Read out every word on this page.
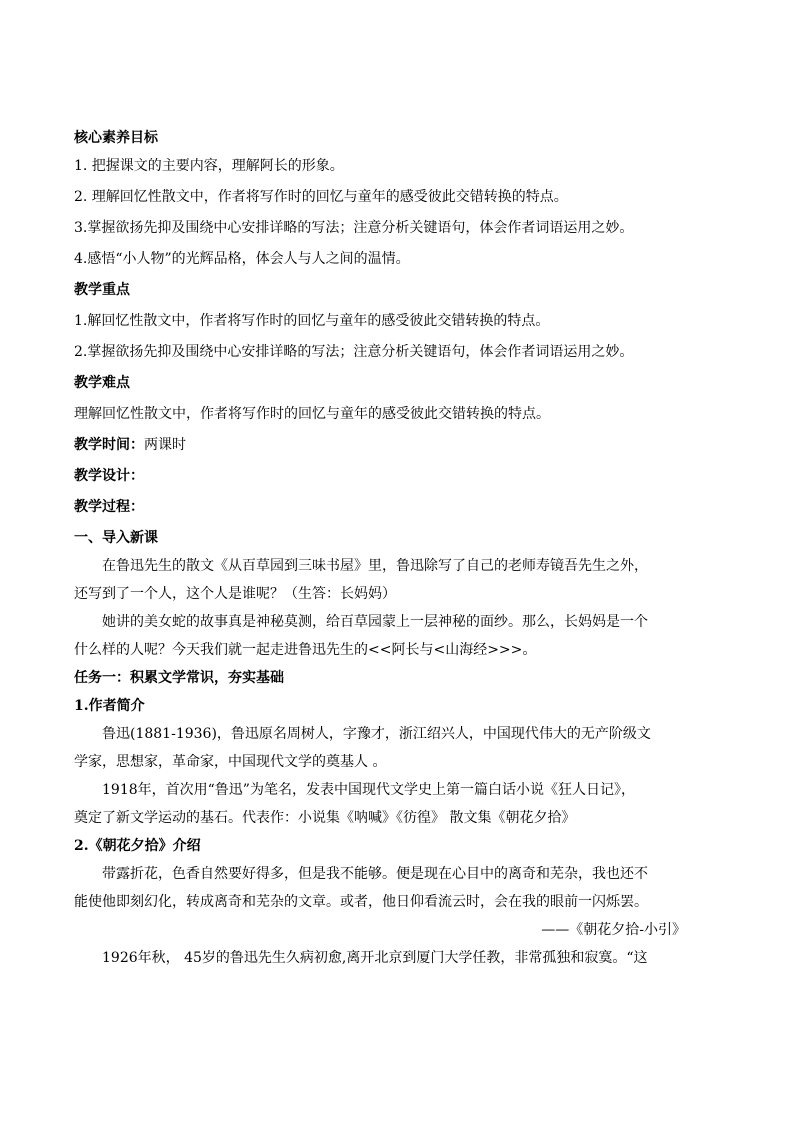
核心素养目标
1. 把握课文的主要内容，理解阿长的形象。
2. 理解回忆性散文中，作者将写作时的回忆与童年的感受彼此交错转换的特点。
3.掌握欲扬先抑及围绕中心安排详略的写法；注意分析关键语句，体会作者词语运用之妙。
4.感悟“小人物”的光辉品格，体会人与人之间的温情。
教学重点
1.解回忆性散文中，作者将写作时的回忆与童年的感受彼此交错转换的特点。
2.掌握欲扬先抑及围绕中心安排详略的写法；注意分析关键语句，体会作者词语运用之妙。
教学难点
理解回忆性散文中，作者将写作时的回忆与童年的感受彼此交错转换的特点。
教学时间：两课时
教学设计：
教学过程：
一、导入新课
在鲁迅先生的散文《从百草园到三味书屋》里，鲁迅除写了自己的老师寿镜吾先生之外，
还写到了一个人，这个人是谁呢？（生答：长妈妈）
她讲的美女蛇的故事真是神秘莫测，给百草园蒙上一层神秘的面纱。那么，长妈妈是一个
什么样的人呢？今天我们就一起走进鲁迅先生的<<阿长与<山海经>>>。
任务一：积累文学常识，夯实基础
1.作者简介
鲁迅(1881-1936)，鲁迅原名周树人，字豫才，浙江绍兴人，中国现代伟大的无产阶级文
学家，思想家，革命家，中国现代文学的奠基人 。
1918年，首次用“鲁迅”为笔名，发表中国现代文学史上第一篇白话小说《狂人日记》，
奠定了新文学运动的基石。代表作：小说集《呐喊》《彷徨》 散文集《朝花夕拾》
2.《朝花夕拾》介绍
带露折花，色香自然要好得多，但是我不能够。便是现在心目中的离奇和芜杂，我也还不
能使他即刻幻化，转成离奇和芜杂的文章。或者，他日仰看流云时，会在我的眼前一闪烁罢。
——《朝花夕拾-小引》
1926年秋， 45岁的鲁迅先生久病初愈,离开北京到厦门大学任教，非常孤独和寂寞。“这
